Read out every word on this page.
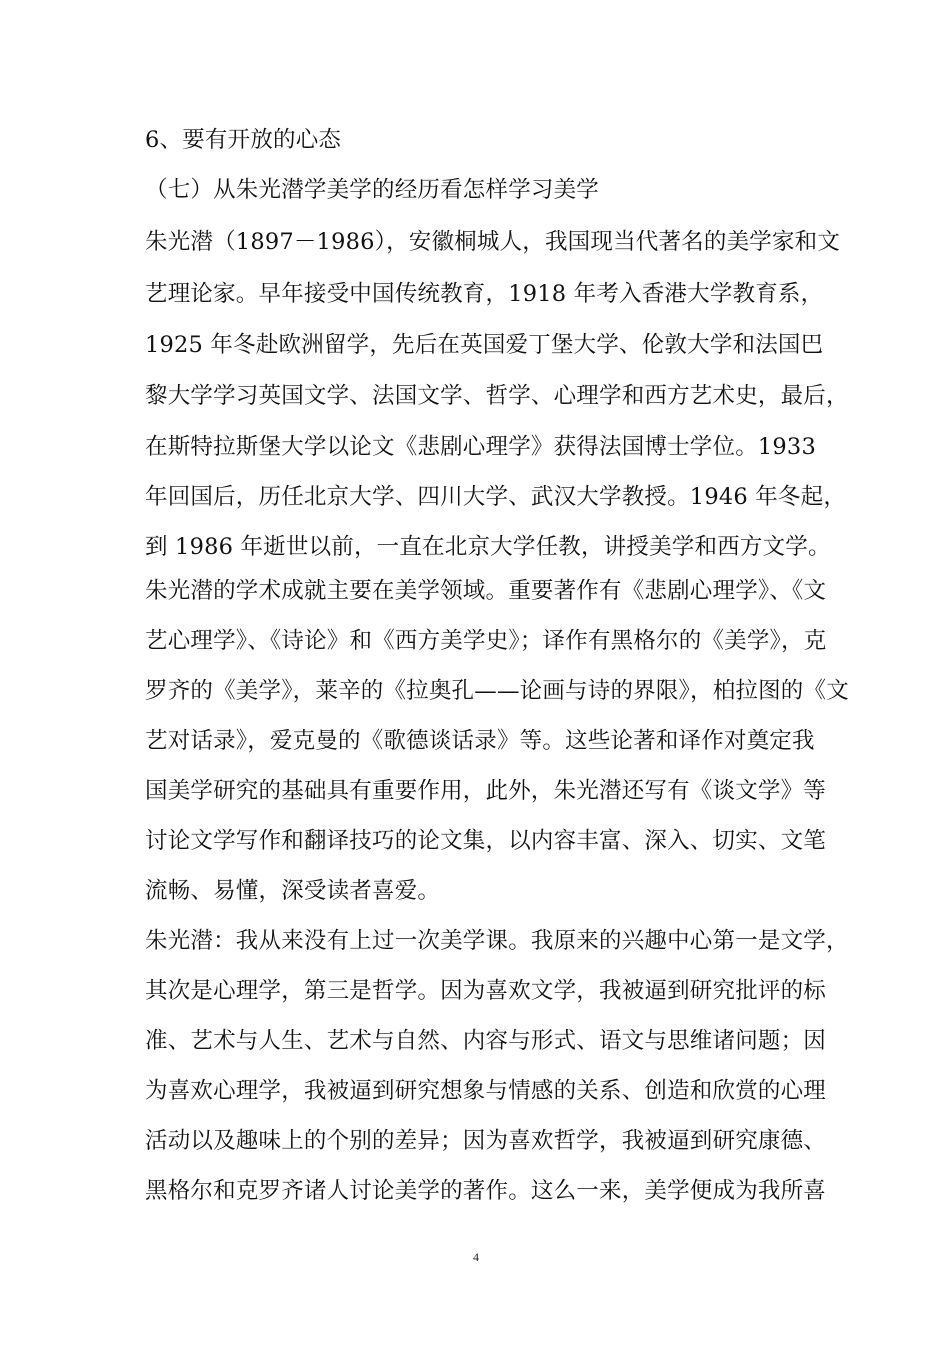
6、要有开放的心态
（七）从朱光潜学美学的经历看怎样学习美学
朱光潜（1897－1986），安徽桐城人，我国现当代著名的美学家和文
艺理论家。早年接受中国传统教育，1918 年考入香港大学教育系，
1925 年冬赴欧洲留学，先后在英国爱丁堡大学、伦敦大学和法国巴
黎大学学习英国文学、法国文学、哲学、心理学和西方艺术史，最后，
在斯特拉斯堡大学以论文《悲剧心理学》获得法国博士学位。1933
年回国后，历任北京大学、四川大学、武汉大学教授。1946 年冬起，
到 1986 年逝世以前，一直在北京大学任教，讲授美学和西方文学。
朱光潜的学术成就主要在美学领域。重要著作有《悲剧心理学》、《文
艺心理学》、《诗论》和《西方美学史》；译作有黑格尔的《美学》，克
罗齐的《美学》，莱辛的《拉奥孔——论画与诗的界限》，柏拉图的《文
艺对话录》，爱克曼的《歌德谈话录》等。这些论著和译作对奠定我
国美学研究的基础具有重要作用，此外，朱光潜还写有《谈文学》等
讨论文学写作和翻译技巧的论文集，以内容丰富、深入、切实、文笔
流畅、易懂，深受读者喜爱。
朱光潜：我从来没有上过一次美学课。我原来的兴趣中心第一是文学，
其次是心理学，第三是哲学。因为喜欢文学，我被逼到研究批评的标
准、艺术与人生、艺术与自然、内容与形式、语文与思维诸问题；因
为喜欢心理学，我被逼到研究想象与情感的关系、创造和欣赏的心理
活动以及趣味上的个别的差异；因为喜欢哲学，我被逼到研究康德、
黑格尔和克罗齐诸人讨论美学的著作。这么一来，美学便成为我所喜
4
